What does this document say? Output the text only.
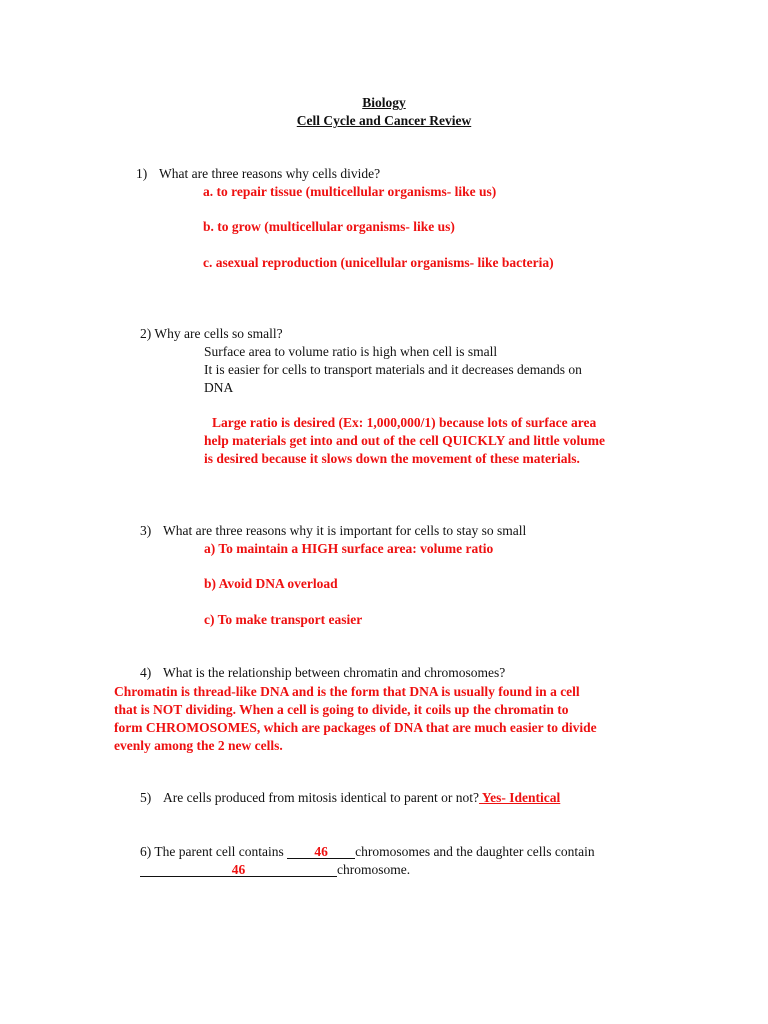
Biology
Cell Cycle and Cancer Review
1) What are three reasons why cells divide?
a. to repair tissue (multicellular organisms- like us)
b. to grow (multicellular organisms- like us)
c. asexual reproduction (unicellular organisms- like bacteria)
2) Why are cells so small?
Surface area to volume ratio is high when cell is small
It is easier for cells to transport materials and it decreases demands on
DNA
Large ratio is desired (Ex: 1,000,000/1) because lots of surface area
help materials get into and out of the cell QUICKLY and little volume
is desired because it slows down the movement of these materials.
3) What are three reasons why it is important for cells to stay so small
a) To maintain a HIGH surface area: volume ratio
b) Avoid DNA overload
c) To make transport easier
4) What is the relationship between chromatin and chromosomes?
Chromatin is thread-like DNA and is the form that DNA is usually found in a cell
that is NOT dividing. When a cell is going to divide, it coils up the chromatin to
form CHROMOSOMES, which are packages of DNA that are much easier to divide
evenly among the 2 new cells.
5) Are cells produced from mitosis identical to parent or not? Yes- Identical
6) The parent cell contains 46 chromosomes and the daughter cells contain
46	chromosome.
